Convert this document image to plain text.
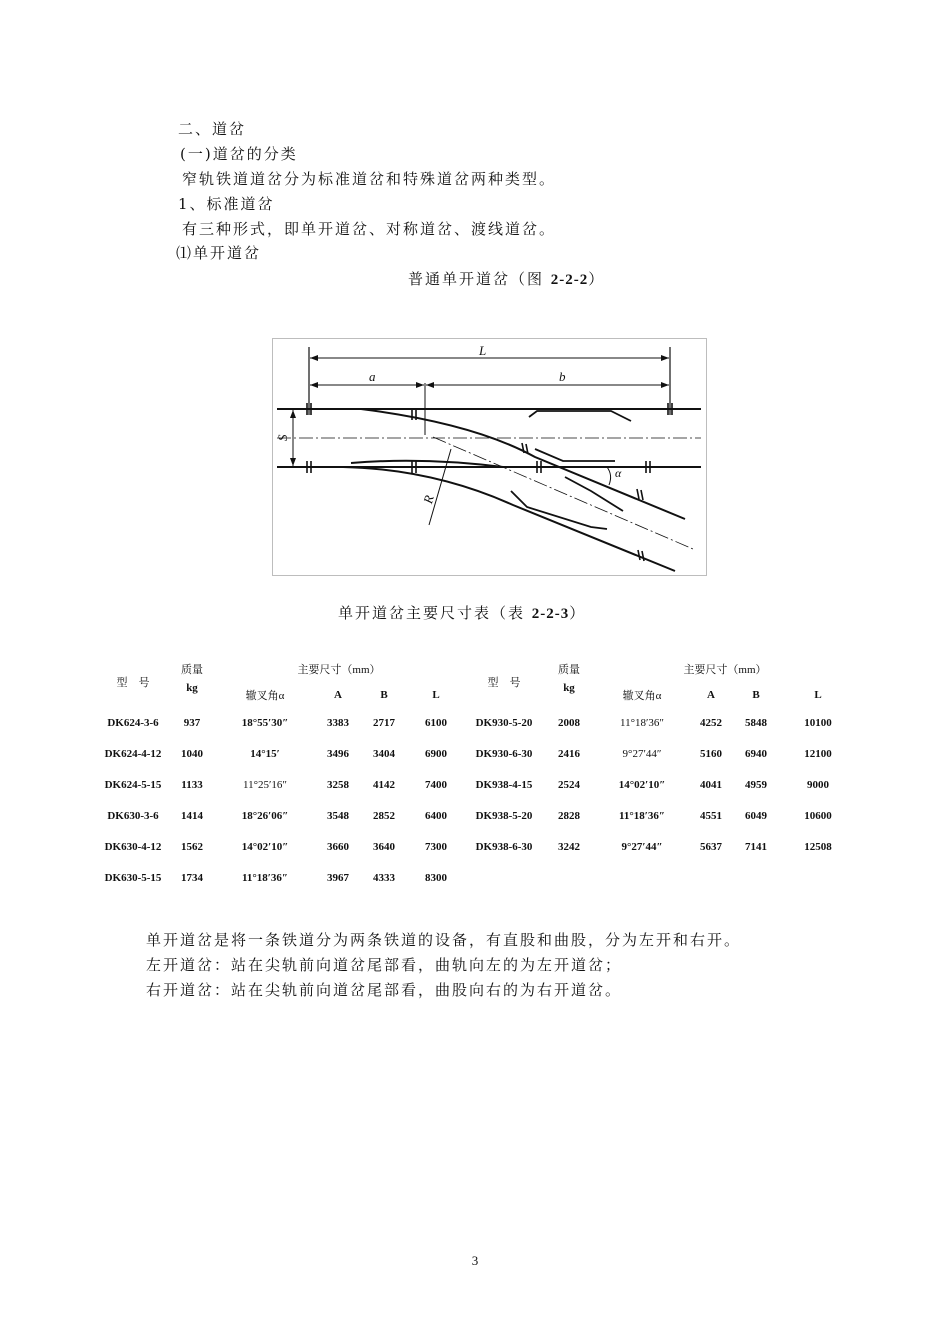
二、道岔
(一)道岔的分类
窄轨铁道道岔分为标准道岔和特殊道岔两种类型。
1、标准道岔
有三种形式，即单开道岔、对称道岔、渡线道岔。
⑴单开道岔
普通单开道岔（图 2-2-2）
L
a	b
S
R
α
单开道岔主要尺寸表（表 2-2-3）
型　号	质量	主要尺寸（mm）				型　号	质量	主要尺寸（mm）			
	kg	辙叉角α	A	B	L		kg	辙叉角α	A	B	L
DK624-3-6	937	18°55′30″	3383	2717	6100	DK930-5-20	2008	11°18′36″	4252	5848	10100
DK624-4-12	1040	14°15′	3496	3404	6900	DK930-6-30	2416	9°27′44″	5160	6940	12100
DK624-5-15	1133	11°25′16″	3258	4142	7400	DK938-4-15	2524	14°02′10″	4041	4959	9000
DK630-3-6	1414	18°26′06″	3548	2852	6400	DK938-5-20	2828	11°18′36″	4551	6049	10600
DK630-4-12	1562	14°02′10″	3660	3640	7300	DK938-6-30	3242	9°27′44″	5637	7141	12508
DK630-5-15	1734	11°18′36″	3967	4333	8300						
单开道岔是将一条铁道分为两条铁道的设备，有直股和曲股，分为左开和右开。
左开道岔：站在尖轨前向道岔尾部看，曲轨向左的为左开道岔；
右开道岔：站在尖轨前向道岔尾部看，曲股向右的为右开道岔。
3
